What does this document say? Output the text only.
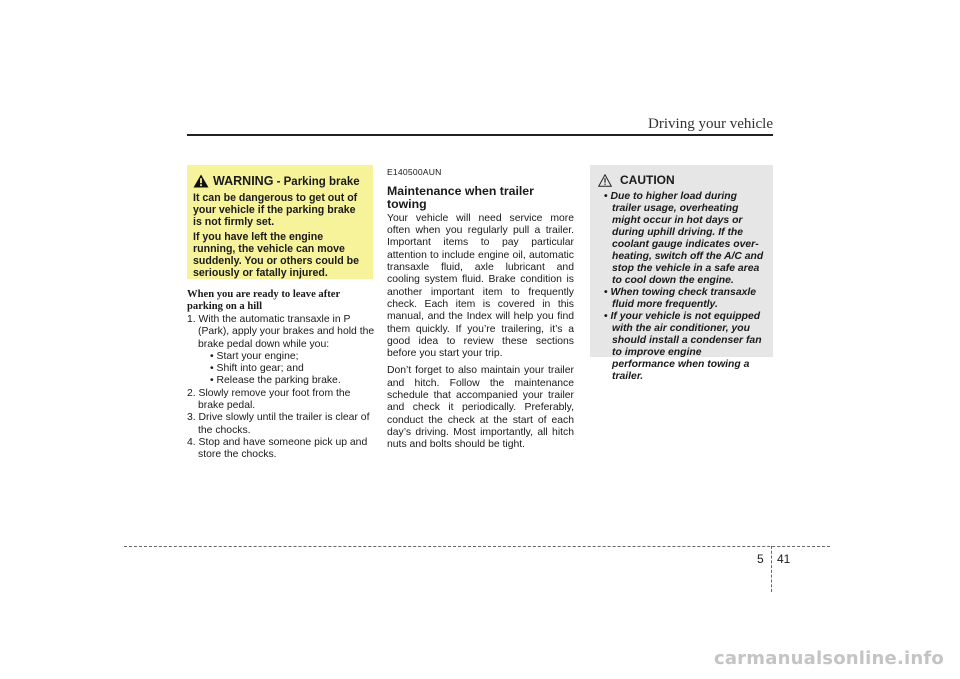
Driving your vehicle
WARNING - Parking brake

It can be dangerous to get out of your vehicle if the parking brake is not firmly set.

If you have left the engine running, the vehicle can move suddenly. You or others could be seriously or fatally injured.

When you are ready to leave after parking on a hill
1. With the automatic transaxle in P (Park), apply your brakes and hold the brake pedal down while you:
• Start your engine;
• Shift into gear; and
• Release the parking brake.
2. Slowly remove your foot from the brake pedal.
3. Drive slowly until the trailer is clear of the chocks.
4. Stop and have someone pick up and store the chocks.
E140500AUN
Maintenance when trailer towing

Your vehicle will need service more often when you regularly pull a trailer. Important items to pay particular attention to include engine oil, automatic transaxle fluid, axle lubricant and cooling system fluid. Brake condition is another important item to frequently check. Each item is covered in this manual, and the Index will help you find them quickly. If you’re trailering, it’s a good idea to review these sections before you start your trip.

Don’t forget to also maintain your trailer and hitch. Follow the maintenance schedule that accompanied your trailer and check it periodically. Preferably, conduct the check at the start of each day’s driving. Most importantly, all hitch nuts and bolts should be tight.

CAUTION
• Due to higher load during trailer usage, overheating might occur in hot days or during uphill driving. If the coolant gauge indicates over-heating, switch off the A/C and stop the vehicle in a safe area to cool down the engine.
• When towing check transaxle fluid more frequently.
• If your vehicle is not equipped with the air conditioner, you should install a condenser fan to improve engine performance when towing a trailer.
5 41
carmanualsonline.info
